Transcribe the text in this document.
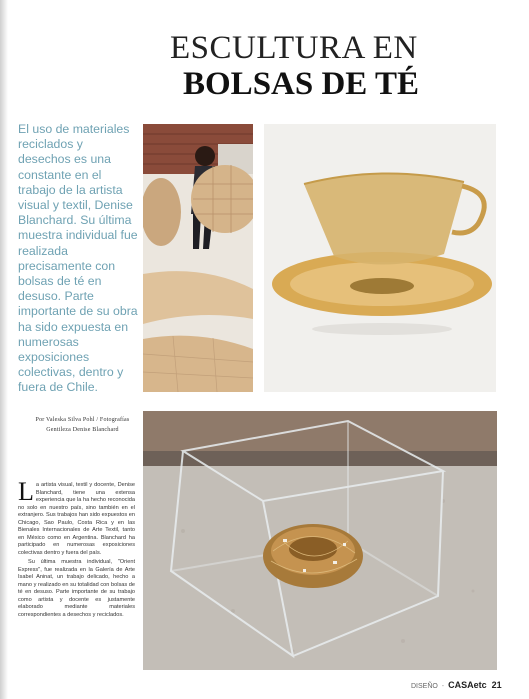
ESCULTURA EN
BOLSAS DE TÉ
El uso de materiales reciclados y desechos es una constante en el trabajo de la artista visual y textil, Denise Blanchard. Su última muestra individual fue realizada precisamente con bolsas de té en desuso. Parte importante de su obra ha sido expuesta en numerosas exposiciones colectivas, dentro y fuera de Chile.
Por Valeska Silva Pohl / Fotografías Gentileza Denise Blanchard

La artista visual, textil y docente, Denise Blanchard, tiene una extensa experiencia que la ha hecho reconocida no solo en nuestro país, sino también en el extranjero. Sus trabajos han sido expuestos en Chicago, Sao Paulo, Costa Rica y en las Bienales Internacionales de Arte Textil, tanto en México como en Argentina. Blanchard ha participado en numerosas exposiciones colectivas dentro y fuera del país.

Su última muestra individual, "Orient Express", fue realizada en la Galería de Arte Isabel Aninat, un trabajo delicado, hecho a mano y realizado en su totalidad con bolsas de té en desuso. Parte importante de su trabajo como artista y docente es justamente elaborado mediante materiales correspondientes a desechos y reciclados.

DISEÑO - CASAetc 21
